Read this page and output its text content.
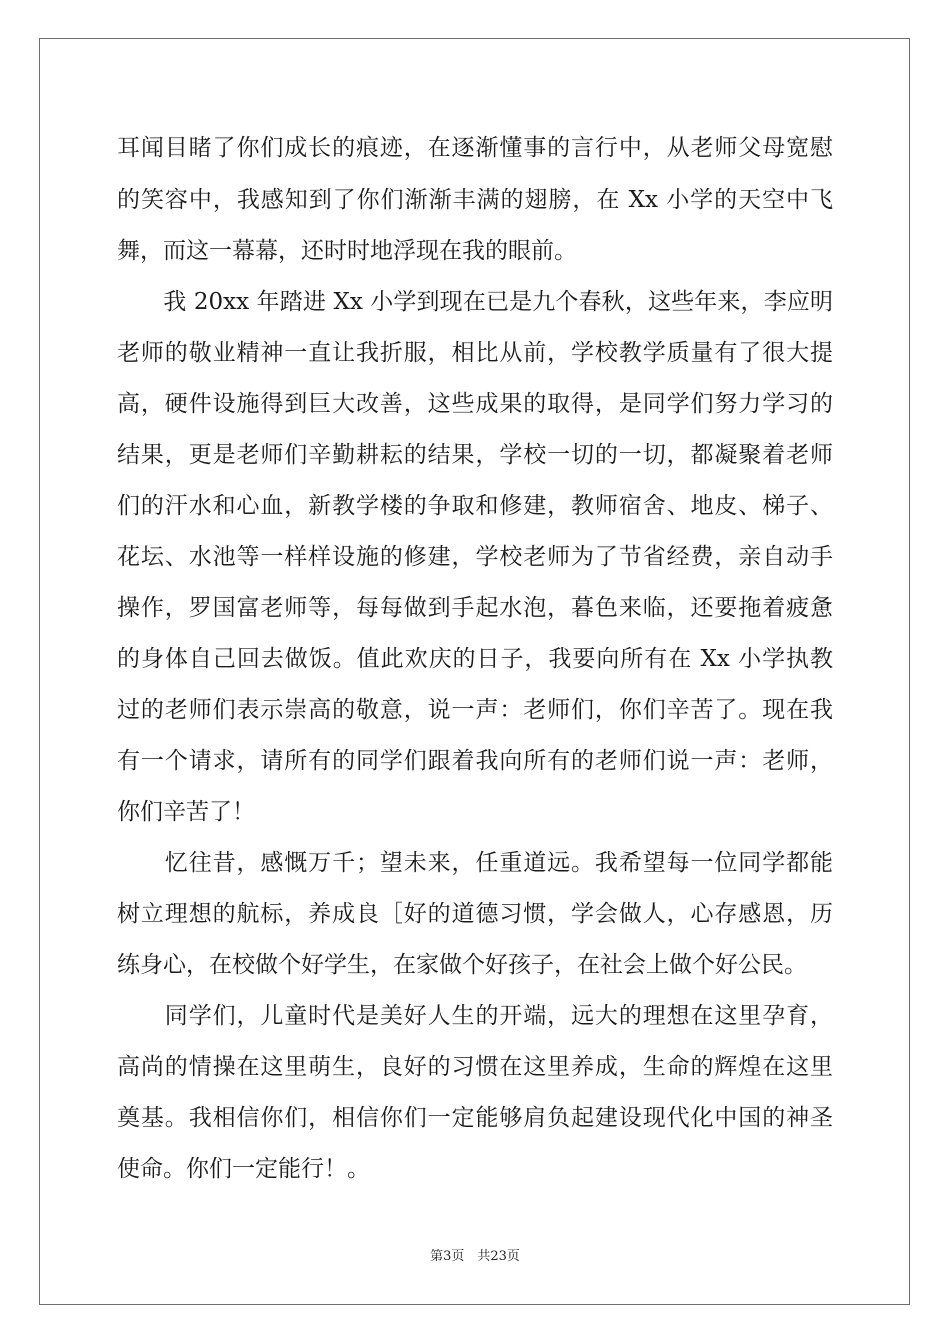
耳闻目睹了你们成长的痕迹，在逐渐懂事的言行中，从老师父母宽慰

的笑容中，我感知到了你们渐渐丰满的翅膀，在 Xx 小学的天空中飞

舞，而这一幕幕，还时时地浮现在我的眼前。

　　我 20xx 年踏进 Xx 小学到现在已是九个春秋，这些年来，李应明

老师的敬业精神一直让我折服，相比从前，学校教学质量有了很大提

高，硬件设施得到巨大改善，这些成果的取得，是同学们努力学习的

结果，更是老师们辛勤耕耘的结果，学校一切的一切，都凝聚着老师

们的汗水和心血，新教学楼的争取和修建，教师宿舍、地皮、梯子、

花坛、水池等一样样设施的修建，学校老师为了节省经费，亲自动手

操作，罗国富老师等，每每做到手起水泡，暮色来临，还要拖着疲惫

的身体自己回去做饭。值此欢庆的日子，我要向所有在 Xx 小学执教

过的老师们表示崇高的敬意，说一声：老师们，你们辛苦了。现在我

有一个请求，请所有的同学们跟着我向所有的老师们说一声：老师，

你们辛苦了！

　　忆往昔，感慨万千；望未来，任重道远。我希望每一位同学都能

树立理想的航标，养成良［好的道德习惯，学会做人，心存感恩，历

练身心，在校做个好学生，在家做个好孩子，在社会上做个好公民。

　　同学们，儿童时代是美好人生的开端，远大的理想在这里孕育，

高尚的情操在这里萌生，良好的习惯在这里养成，生命的辉煌在这里

奠基。我相信你们，相信你们一定能够肩负起建设现代化中国的神圣

使命。你们一定能行！。

第3页　共23页
